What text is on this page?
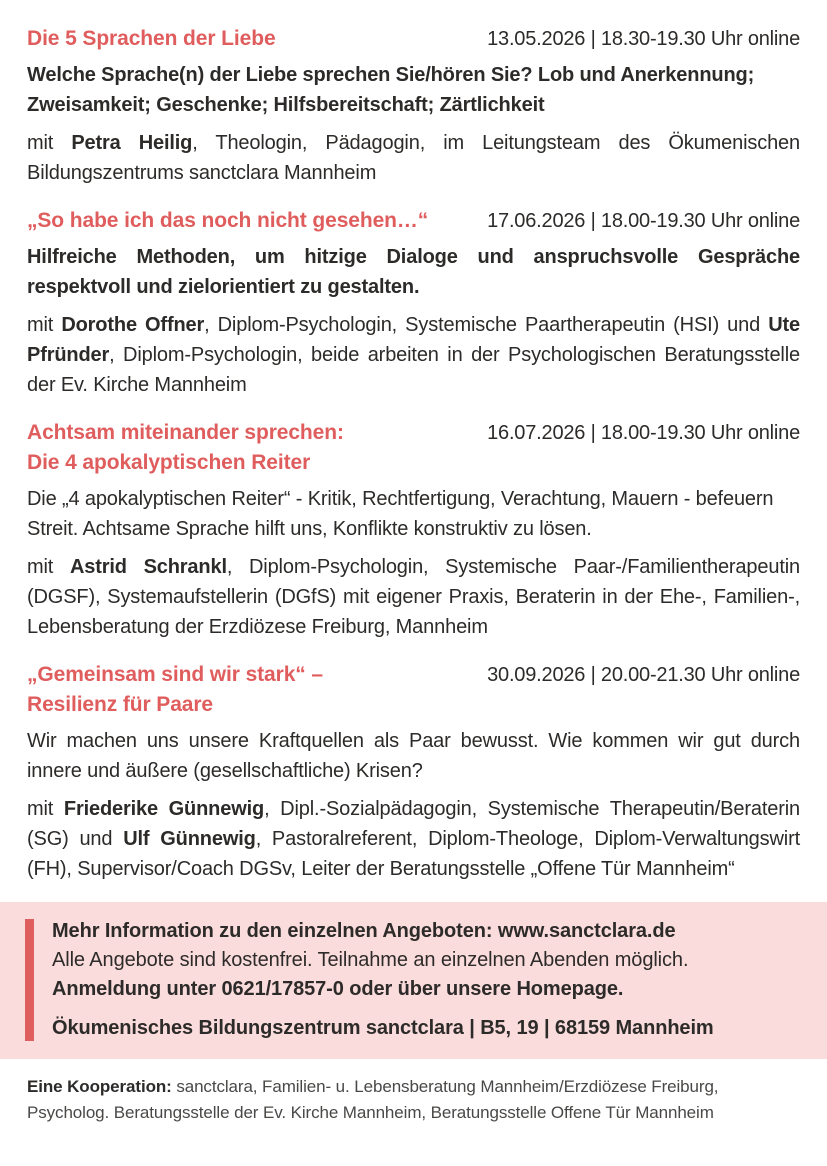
Die 5 Sprachen der Liebe	13.05.2026 | 18.30-19.30 Uhr online

Welche Sprache(n) der Liebe sprechen Sie/hören Sie? Lob und Anerkennung; Zweisamkeit; Geschenke; Hilfsbereitschaft; Zärtlichkeit

mit Petra Heilig, Theologin, Pädagogin, im Leitungsteam des Ökumenischen Bildungszentrums sanctclara Mannheim

„So habe ich das noch nicht gesehen…“	17.06.2026 | 18.00-19.30 Uhr online

Hilfreiche Methoden, um hitzige Dialoge und anspruchsvolle Gespräche respektvoll und zielorientiert zu gestalten.

mit Dorothe Offner, Diplom-Psychologin, Systemische Paartherapeutin (HSI) und Ute Pfründer, Diplom-Psychologin, beide arbeiten in der Psychologischen Beratungsstelle der Ev. Kirche Mannheim

Achtsam miteinander sprechen:
Die 4 apokalyptischen Reiter
16.07.2026 | 18.00-19.30 Uhr online

Die „4 apokalyptischen Reiter“ - Kritik, Rechtfertigung, Verachtung, Mauern - befeuern Streit. Achtsame Sprache hilft uns, Konflikte konstruktiv zu lösen.

mit Astrid Schrankl, Diplom-Psychologin, Systemische Paar-/Familientherapeutin (DGSF), Systemaufstellerin (DGfS) mit eigener Praxis, Beraterin in der Ehe-, Familien-, Lebensberatung der Erzdiözese Freiburg, Mannheim

„Gemeinsam sind wir stark“ –
Resilienz für Paare
30.09.2026 | 20.00-21.30 Uhr online

Wir machen uns unsere Kraftquellen als Paar bewusst. Wie kommen wir gut durch innere und äußere (gesellschaftliche) Krisen?

mit Friederike Günnewig, Dipl.-Sozialpädagogin, Systemische Therapeutin/Beraterin (SG) und Ulf Günnewig, Pastoralreferent, Diplom-Theologe, Diplom-Verwaltungswirt (FH), Supervisor/Coach DGSv, Leiter der Beratungsstelle „Offene Tür Mannheim“

Mehr Information zu den einzelnen Angeboten: www.sanctclara.de
Alle Angebote sind kostenfrei. Teilnahme an einzelnen Abenden möglich.
Anmeldung unter 0621/17857-0 oder über unsere Homepage.
Ökumenisches Bildungszentrum sanctclara | B5, 19 | 68159 Mannheim
Eine Kooperation: sanctclara, Familien- u. Lebensberatung Mannheim/Erzdiözese Freiburg, Psycholog. Beratungsstelle der Ev. Kirche Mannheim, Beratungsstelle Offene Tür Mannheim
